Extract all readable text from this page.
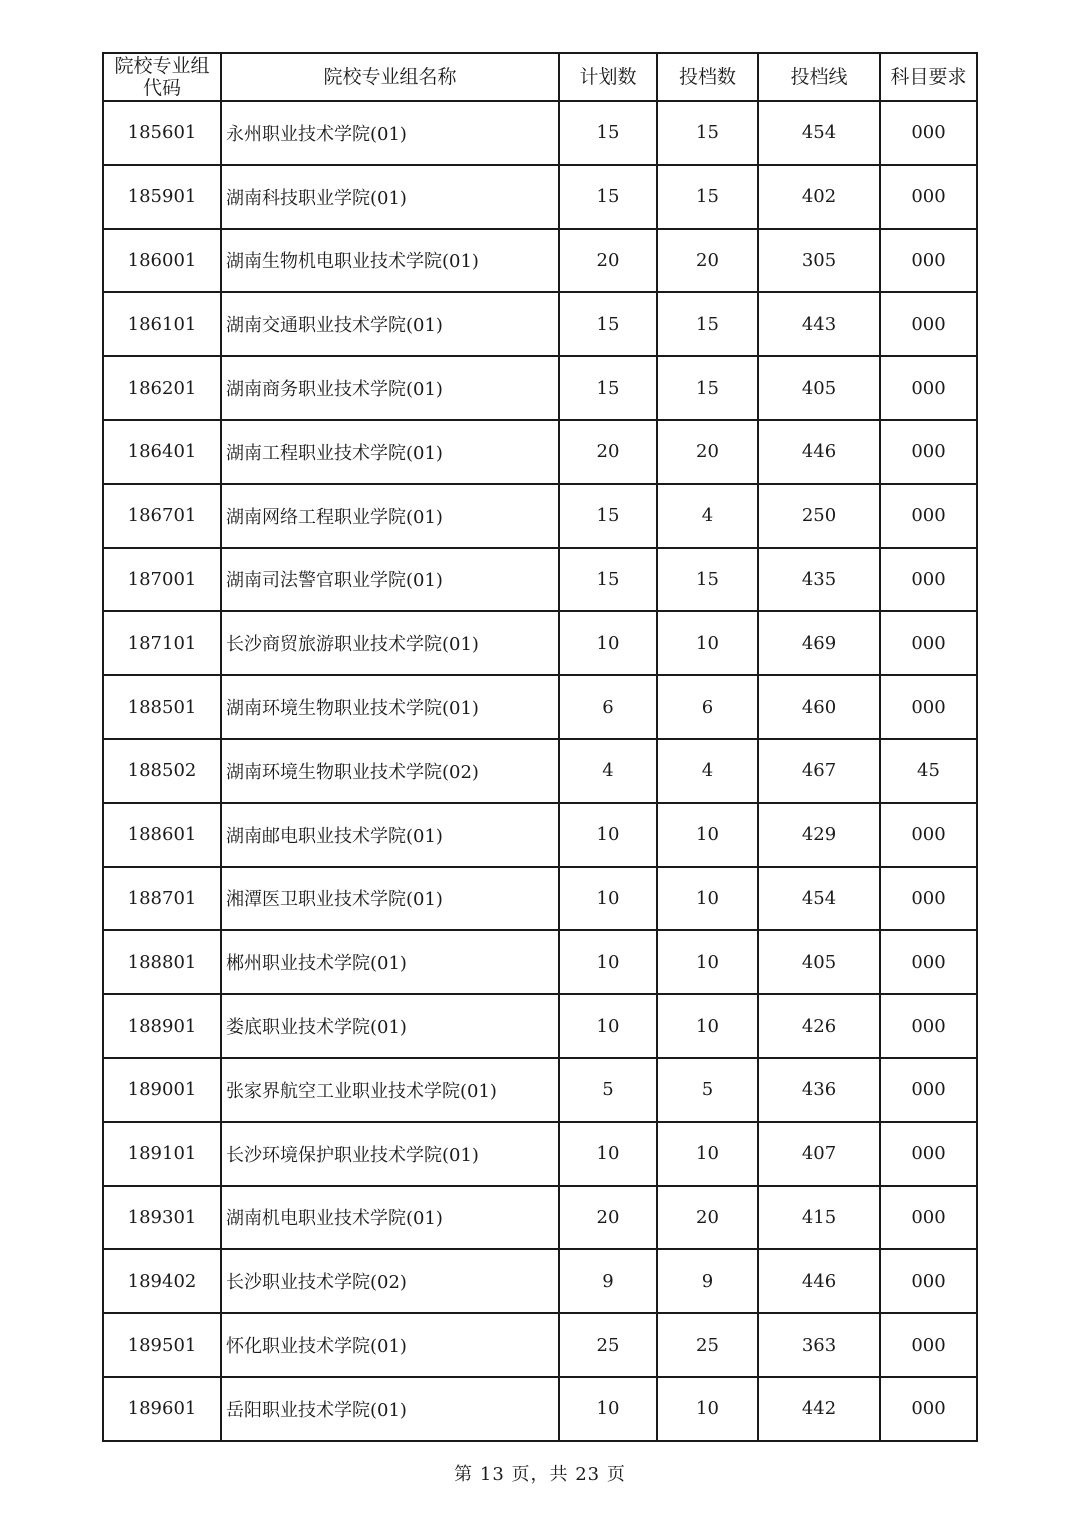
院校专业组
代码	院校专业组名称	计划数	投档数	投档线	科目要求
185601	永州职业技术学院(01)	15	15	454	000
185901	湖南科技职业学院(01)	15	15	402	000
186001	湖南生物机电职业技术学院(01)	20	20	305	000
186101	湖南交通职业技术学院(01)	15	15	443	000
186201	湖南商务职业技术学院(01)	15	15	405	000
186401	湖南工程职业技术学院(01)	20	20	446	000
186701	湖南网络工程职业学院(01)	15	4	250	000
187001	湖南司法警官职业学院(01)	15	15	435	000
187101	长沙商贸旅游职业技术学院(01)	10	10	469	000
188501	湖南环境生物职业技术学院(01)	6	6	460	000
188502	湖南环境生物职业技术学院(02)	4	4	467	45
188601	湖南邮电职业技术学院(01)	10	10	429	000
188701	湘潭医卫职业技术学院(01)	10	10	454	000
188801	郴州职业技术学院(01)	10	10	405	000
188901	娄底职业技术学院(01)	10	10	426	000
189001	张家界航空工业职业技术学院(01)	5	5	436	000
189101	长沙环境保护职业技术学院(01)	10	10	407	000
189301	湖南机电职业技术学院(01)	20	20	415	000
189402	长沙职业技术学院(02)	9	9	446	000
189501	怀化职业技术学院(01)	25	25	363	000
189601	岳阳职业技术学院(01)	10	10	442	000
第 13 页，共 23 页
